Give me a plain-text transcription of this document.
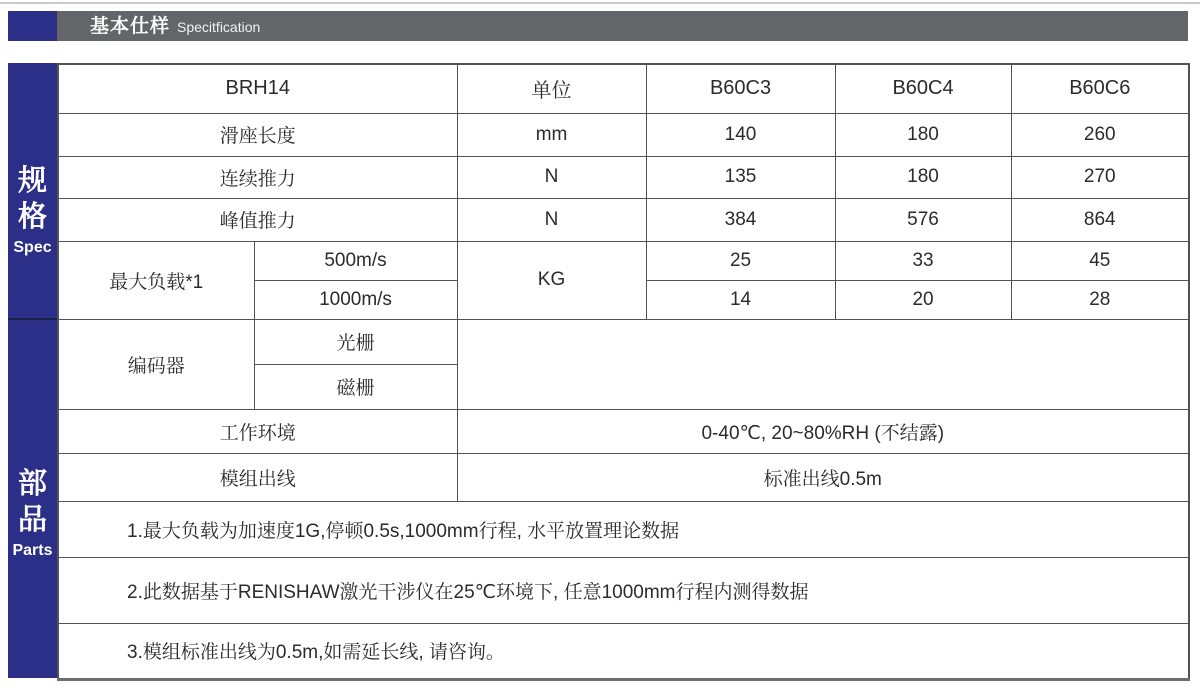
基本仕样 Specitfication
规
格
Spec
部
品
Parts
BRH14		单位	B60C3	B60C4	B60C6
滑座长度		mm	140	180	260
连续推力		N	135	180	270
峰值推力		N	384	576	864
最大负载*1	500m/s	KG	25	33	45
	1000m/s		14	20	28
编码器	光栅				
	磁栅				
工作环境		0-40℃, 20~80%RH (不结露)			
模组出线		标准出线0.5m			
1.最大负载为加速度1G,停顿0.5s,1000mm行程, 水平放置理论数据					
2.此数据基于RENISHAW激光干涉仪在25℃环境下, 任意1000mm行程内测得数据					
3.模组标准出线为0.5m,如需延长线, 请咨询。					
